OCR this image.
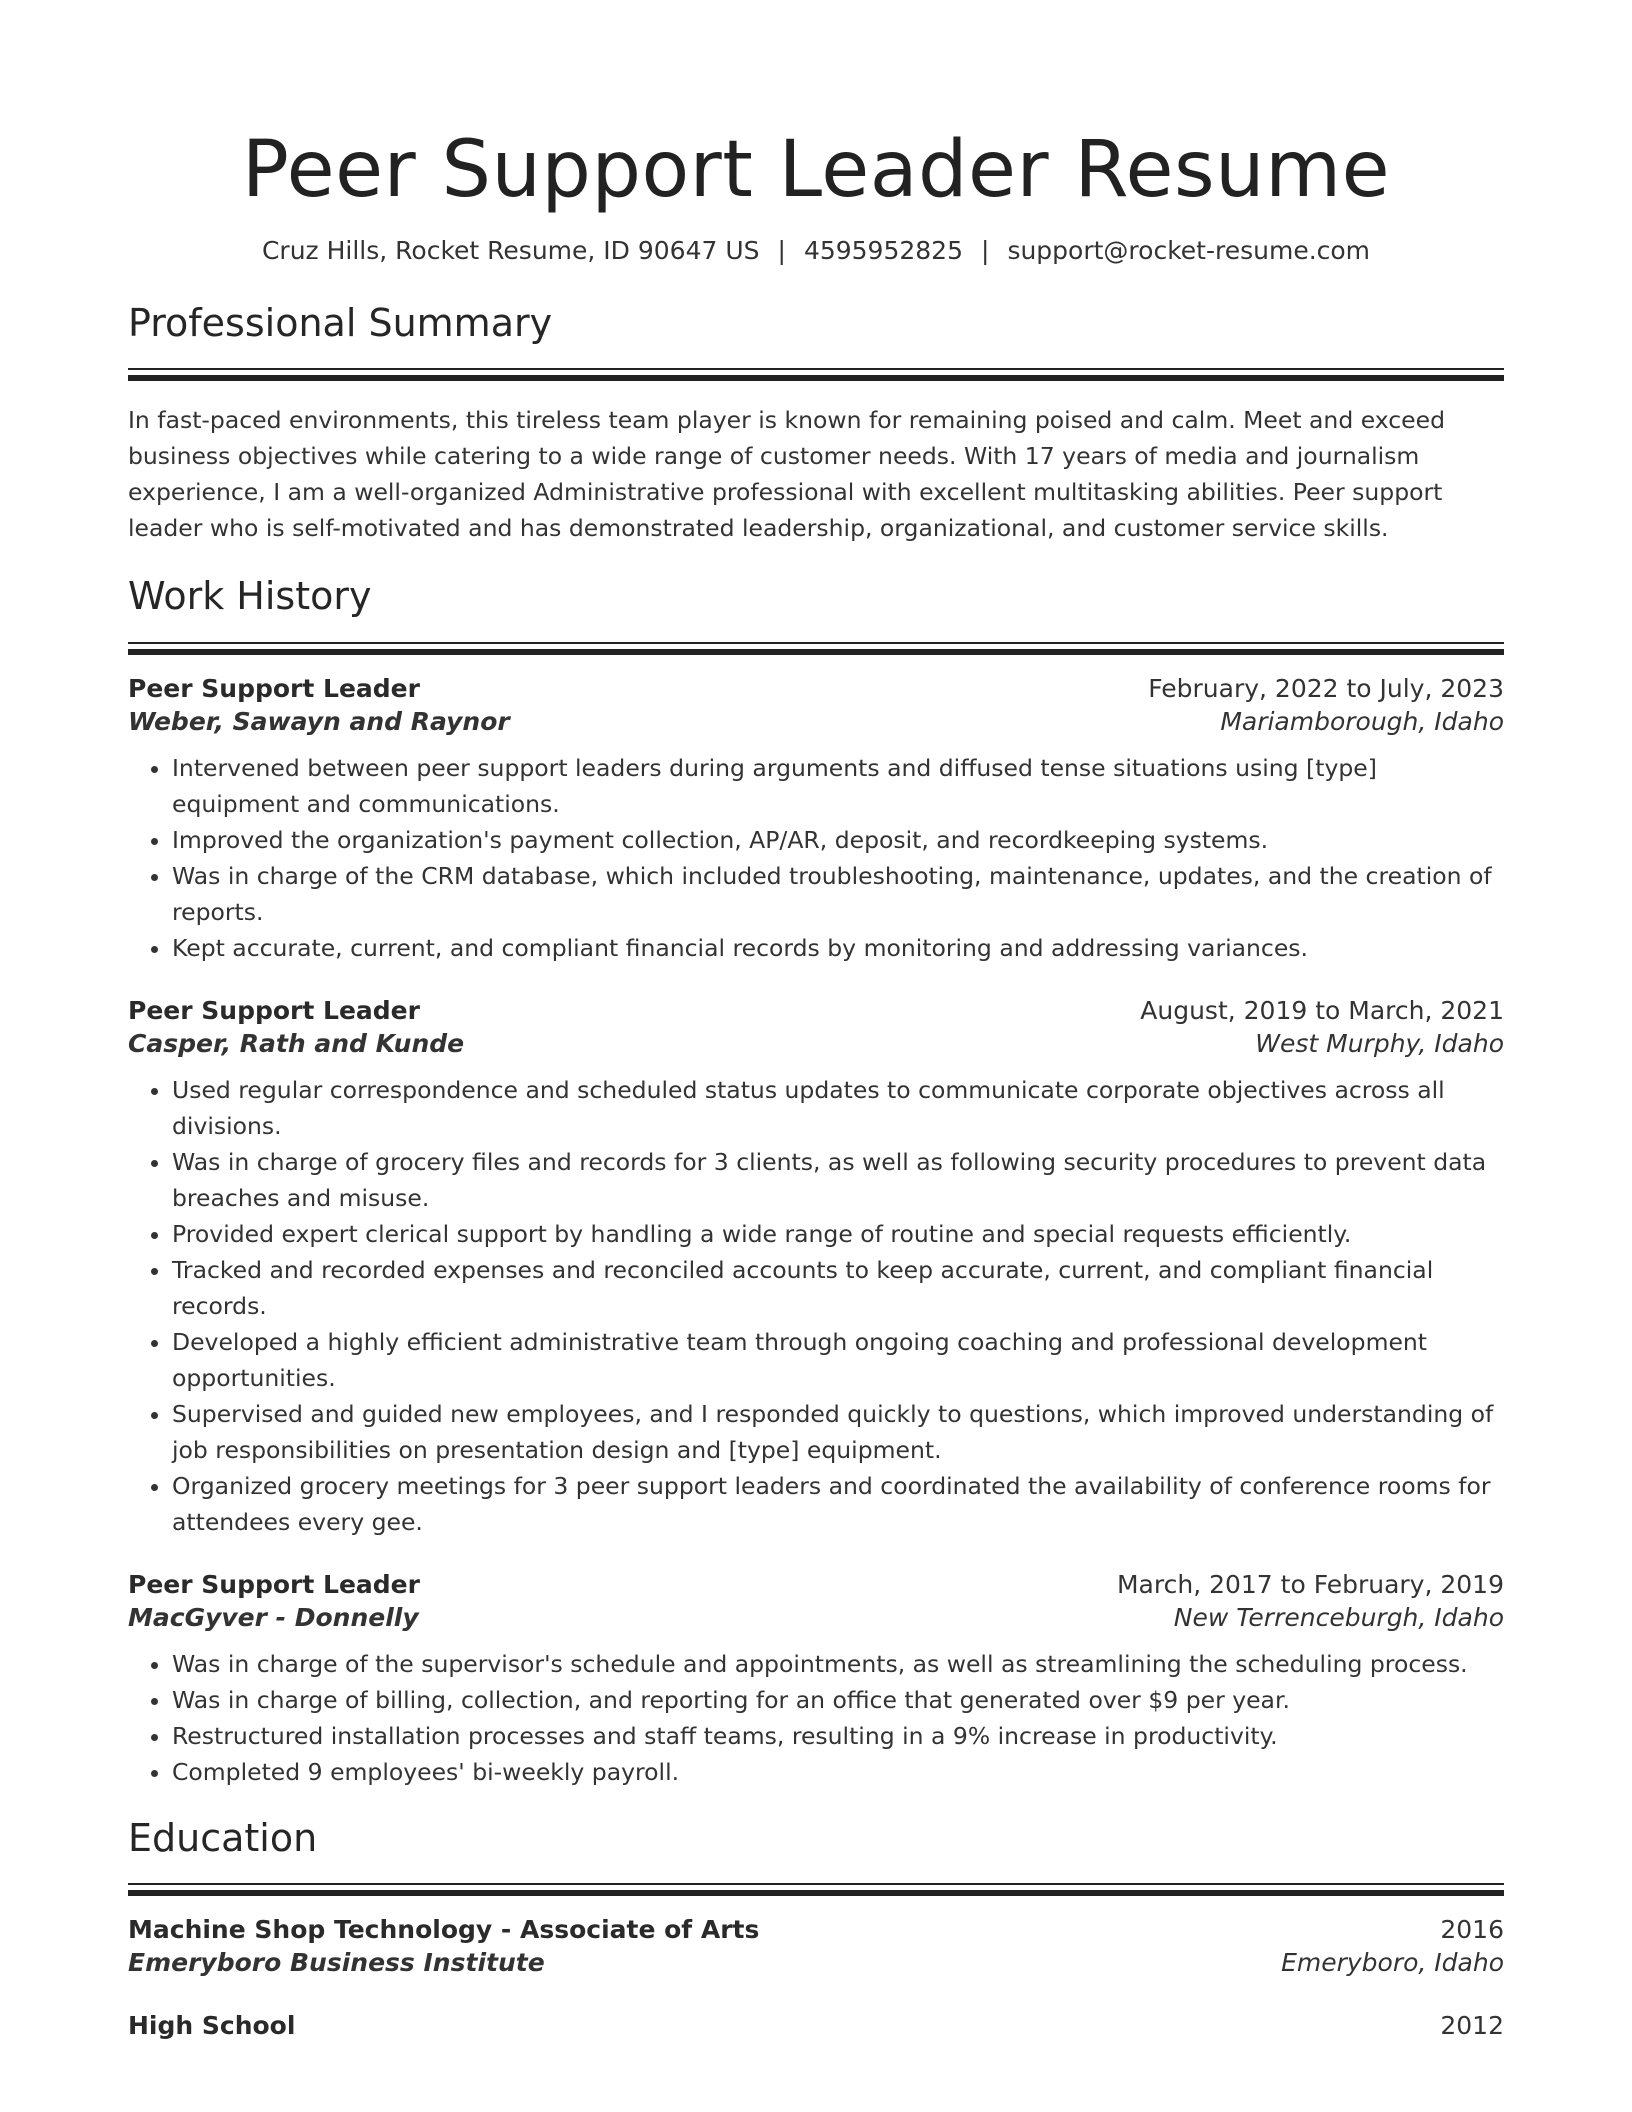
Peer Support Leader Resume
Cruz Hills, Rocket Resume, ID 90647 US | 4595952825 | support@rocket-resume.com
Professional Summary
In fast-paced environments, this tireless team player is known for remaining poised and calm. Meet and exceed business objectives while catering to a wide range of customer needs. With 17 years of media and journalism experience, I am a well-organized Administrative professional with excellent multitasking abilities. Peer support leader who is self-motivated and has demonstrated leadership, organizational, and customer service skills.
Work History
Peer Support Leader	February, 2022 to July, 2023
Weber, Sawayn and Raynor	Mariamborough, Idaho
• Intervened between peer support leaders during arguments and diffused tense situations using [type] equipment and communications.
• Improved the organization's payment collection, AP/AR, deposit, and recordkeeping systems.
• Was in charge of the CRM database, which included troubleshooting, maintenance, updates, and the creation of reports.
• Kept accurate, current, and compliant financial records by monitoring and addressing variances.
Peer Support Leader	August, 2019 to March, 2021
Casper, Rath and Kunde	West Murphy, Idaho
• Used regular correspondence and scheduled status updates to communicate corporate objectives across all divisions.
• Was in charge of grocery files and records for 3 clients, as well as following security procedures to prevent data breaches and misuse.
• Provided expert clerical support by handling a wide range of routine and special requests efficiently.
• Tracked and recorded expenses and reconciled accounts to keep accurate, current, and compliant financial records.
• Developed a highly efficient administrative team through ongoing coaching and professional development opportunities.
• Supervised and guided new employees, and I responded quickly to questions, which improved understanding of job responsibilities on presentation design and [type] equipment.
• Organized grocery meetings for 3 peer support leaders and coordinated the availability of conference rooms for attendees every gee.
Peer Support Leader	March, 2017 to February, 2019
MacGyver - Donnelly	New Terrenceburgh, Idaho
• Was in charge of the supervisor's schedule and appointments, as well as streamlining the scheduling process.
• Was in charge of billing, collection, and reporting for an office that generated over $9 per year.
• Restructured installation processes and staff teams, resulting in a 9% increase in productivity.
• Completed 9 employees' bi-weekly payroll.
Education
Machine Shop Technology - Associate of Arts	2016
Emeryboro Business Institute	Emeryboro, Idaho
High School	2012
